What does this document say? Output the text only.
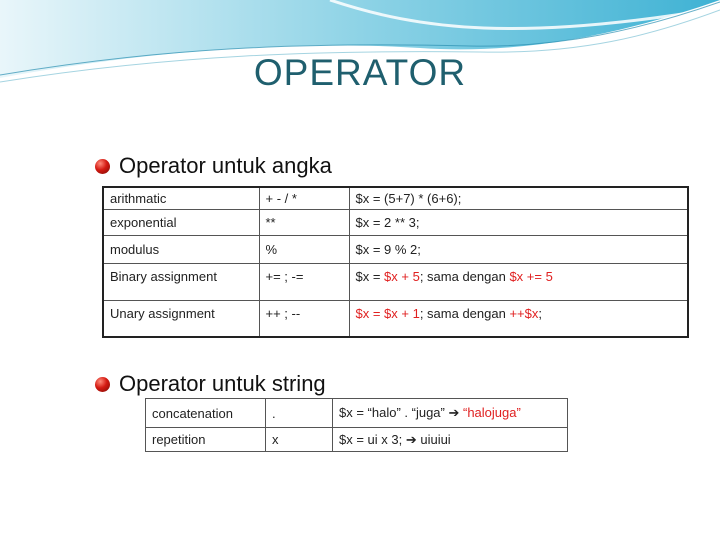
OPERATOR
Operator untuk angka
arithmatic	+ - / *	$x = (5+7) * (6+6);
exponential	**	$x = 2 ** 3;
modulus	%	$x = 9 % 2;
Binary assignment	+= ; -=	$x = $x + 5; sama dengan $x += 5
Unary assignment	++ ; --	$x = $x + 1; sama dengan ++$x;
Operator untuk string
concatenation	.	$x = “halo” . “juga” ➔ “halojuga”
repetition	x	$x = ui x 3; ➔ uiuiui
